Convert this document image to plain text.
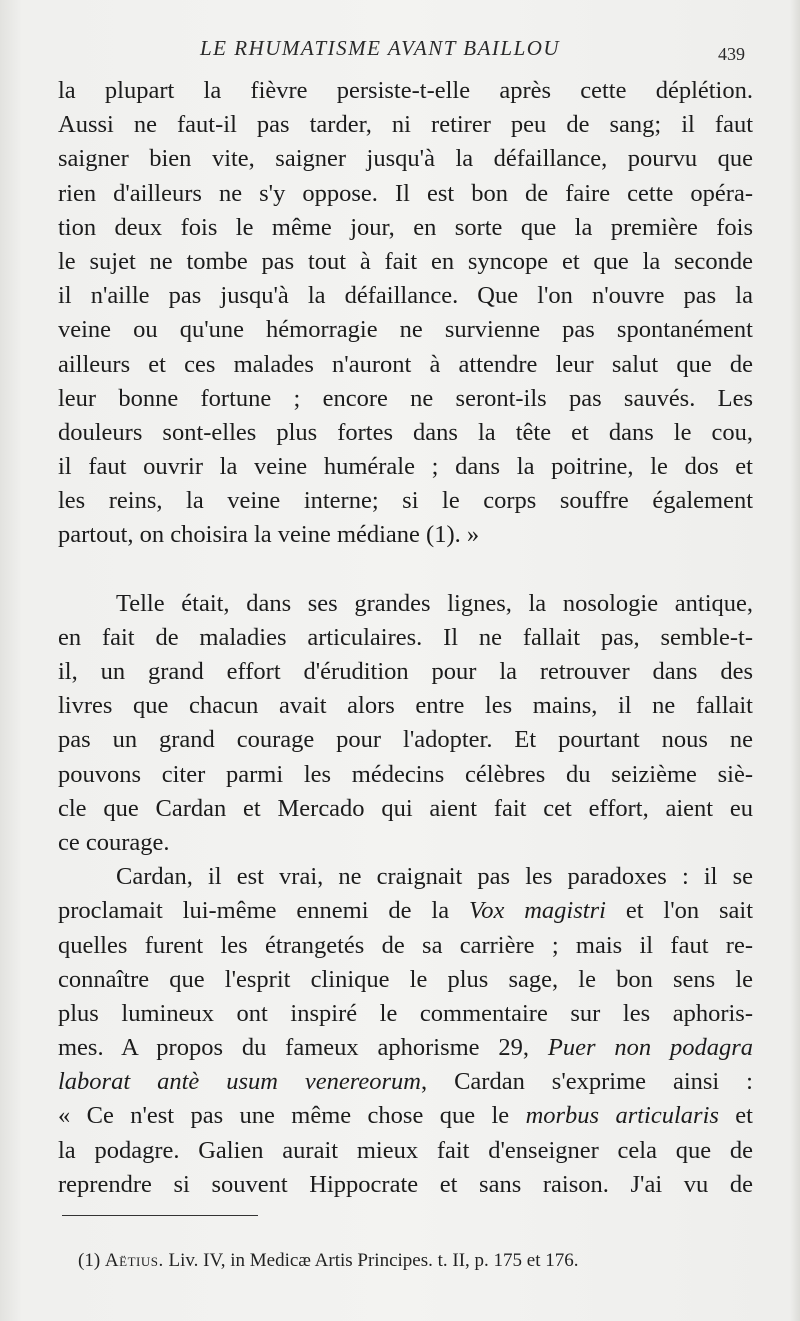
LE RHUMATISME AVANT BAILLOU	439
la plupart la fièvre persiste-t-elle après cette déplétion.
Aussi ne faut-il pas tarder, ni retirer peu de sang; il faut
saigner bien vite, saigner jusqu'à la défaillance, pourvu que
rien d'ailleurs ne s'y oppose. Il est bon de faire cette opéra-
tion deux fois le même jour, en sorte que la première fois
le sujet ne tombe pas tout à fait en syncope et que la seconde
il n'aille pas jusqu'à la défaillance. Que l'on n'ouvre pas la
veine ou qu'une hémorragie ne survienne pas spontanément
ailleurs et ces malades n'auront à attendre leur salut que de
leur bonne fortune ; encore ne seront-ils pas sauvés. Les
douleurs sont-elles plus fortes dans la tête et dans le cou,
il faut ouvrir la veine humérale ; dans la poitrine, le dos et
les reins, la veine interne; si le corps souffre également
partout, on choisira la veine médiane (1). »
Telle était, dans ses grandes lignes, la nosologie antique,
en fait de maladies articulaires. Il ne fallait pas, semble-t-
il, un grand effort d'érudition pour la retrouver dans des
livres que chacun avait alors entre les mains, il ne fallait
pas un grand courage pour l'adopter. Et pourtant nous ne
pouvons citer parmi les médecins célèbres du seizième siè-
cle que Cardan et Mercado qui aient fait cet effort, aient eu
ce courage.
Cardan, il est vrai, ne craignait pas les paradoxes : il se
proclamait lui-même ennemi de la Vox magistri et l'on sait
quelles furent les étrangetés de sa carrière ; mais il faut re-
connaître que l'esprit clinique le plus sage, le bon sens le
plus lumineux ont inspiré le commentaire sur les aphoris-
mes. A propos du fameux aphorisme 29, Puer non podagra
laborat antè usum venereorum, Cardan s'exprime ainsi :
« Ce n'est pas une même chose que le morbus articularis et
la podagre. Galien aurait mieux fait d'enseigner cela que de
reprendre si souvent Hippocrate et sans raison. J'ai vu de
(1) Aëtius. Liv. IV, in Medicæ Artis Principes. t. II, p. 175 et 176.
